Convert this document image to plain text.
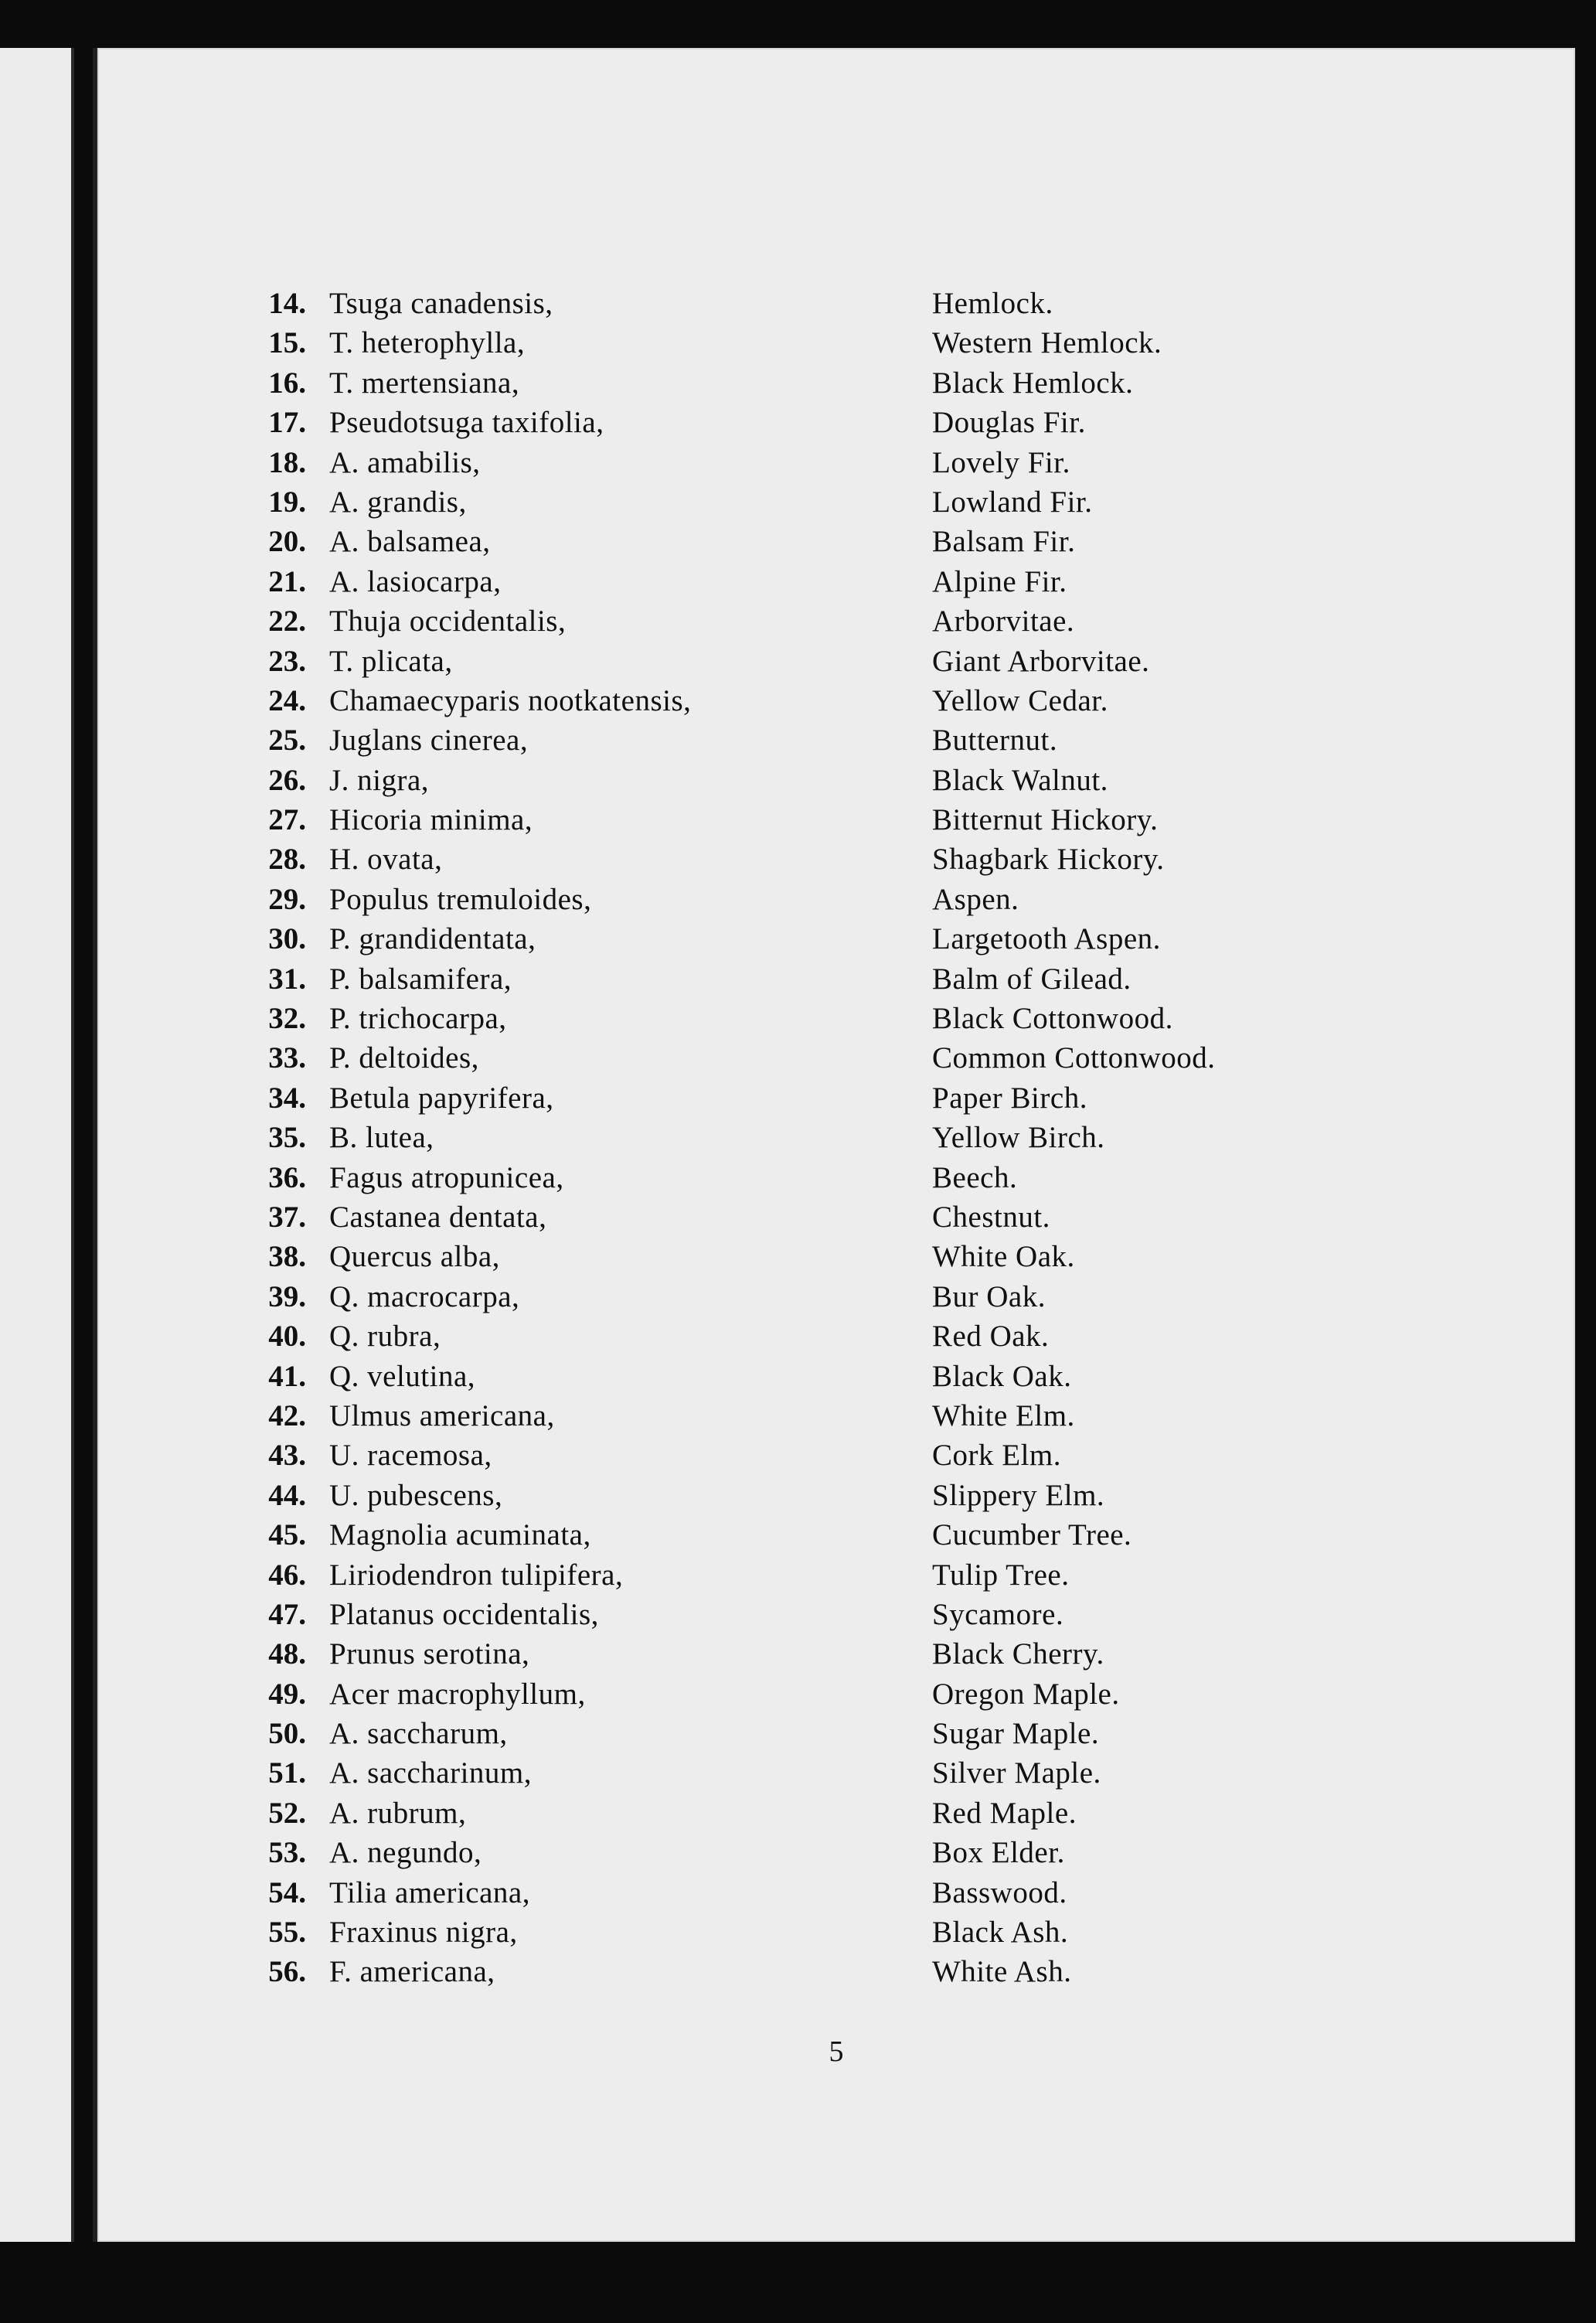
14. Tsuga canadensis,	Hemlock.
15. T. heterophylla,	Western Hemlock.
16. T. mertensiana,	Black Hemlock.
17. Pseudotsuga taxifolia,	Douglas Fir.
18. A. amabilis,	Lovely Fir.
19. A. grandis,	Lowland Fir.
20. A. balsamea,	Balsam Fir.
21. A. lasiocarpa,	Alpine Fir.
22. Thuja occidentalis,	Arborvitae.
23. T. plicata,	Giant Arborvitae.
24. Chamaecyparis nootkatensis,	Yellow Cedar.
25. Juglans cinerea,	Butternut.
26. J. nigra,	Black Walnut.
27. Hicoria minima,	Bitternut Hickory.
28. H. ovata,	Shagbark Hickory.
29. Populus tremuloides,	Aspen.
30. P. grandidentata,	Largetooth Aspen.
31. P. balsamifera,	Balm of Gilead.
32. P. trichocarpa,	Black Cottonwood.
33. P. deltoides,	Common Cottonwood.
34. Betula papyrifera,	Paper Birch.
35. B. lutea,	Yellow Birch.
36. Fagus atropunicea,	Beech.
37. Castanea dentata,	Chestnut.
38. Quercus alba,	White Oak.
39. Q. macrocarpa,	Bur Oak.
40. Q. rubra,	Red Oak.
41. Q. velutina,	Black Oak.
42. Ulmus americana,	White Elm.
43. U. racemosa,	Cork Elm.
44. U. pubescens,	Slippery Elm.
45. Magnolia acuminata,	Cucumber Tree.
46. Liriodendron tulipifera,	Tulip Tree.
47. Platanus occidentalis,	Sycamore.
48. Prunus serotina,	Black Cherry.
49. Acer macrophyllum,	Oregon Maple.
50. A. saccharum,	Sugar Maple.
51. A. saccharinum,	Silver Maple.
52. A. rubrum,	Red Maple.
53. A. negundo,	Box Elder.
54. Tilia americana,	Basswood.
55. Fraxinus nigra,	Black Ash.
56. F. americana,	White Ash.
5
